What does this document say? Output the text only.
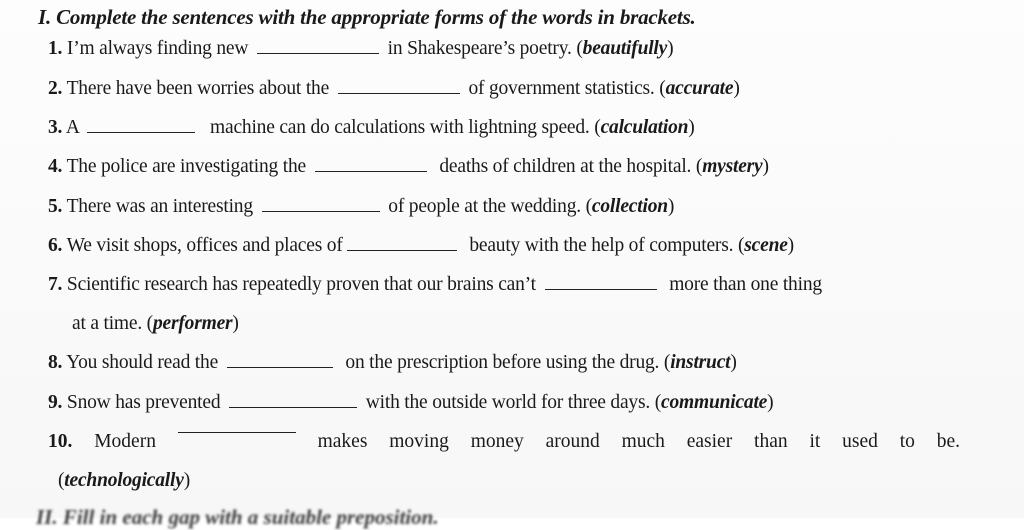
I. Complete the sentences with the appropriate forms of the words in brackets.
1. I’m always finding new	in Shakespeare’s poetry. (beautifully)
2. There have been worries about the	of government statistics. (accurate)
3. A	machine can do calculations with lightning speed. (calculation)
4. The police are investigating the	deaths of children at the hospital. (mystery)
5. There was an interesting	of people at the wedding. (collection)
6. We visit shops, offices and places of	beauty with the help of computers. (scene)
7. Scientific research has repeatedly proven that our brains can’t	more than one thing
at a time. (performer)
8. You should read the	on the prescription before using the drug. (instruct)
9. Snow has prevented	with the outside world for three days. (communicate)
10. Modern	makes moving money around much easier than it used to be.
(technologically)
II. Fill in each gap with a suitable preposition.
